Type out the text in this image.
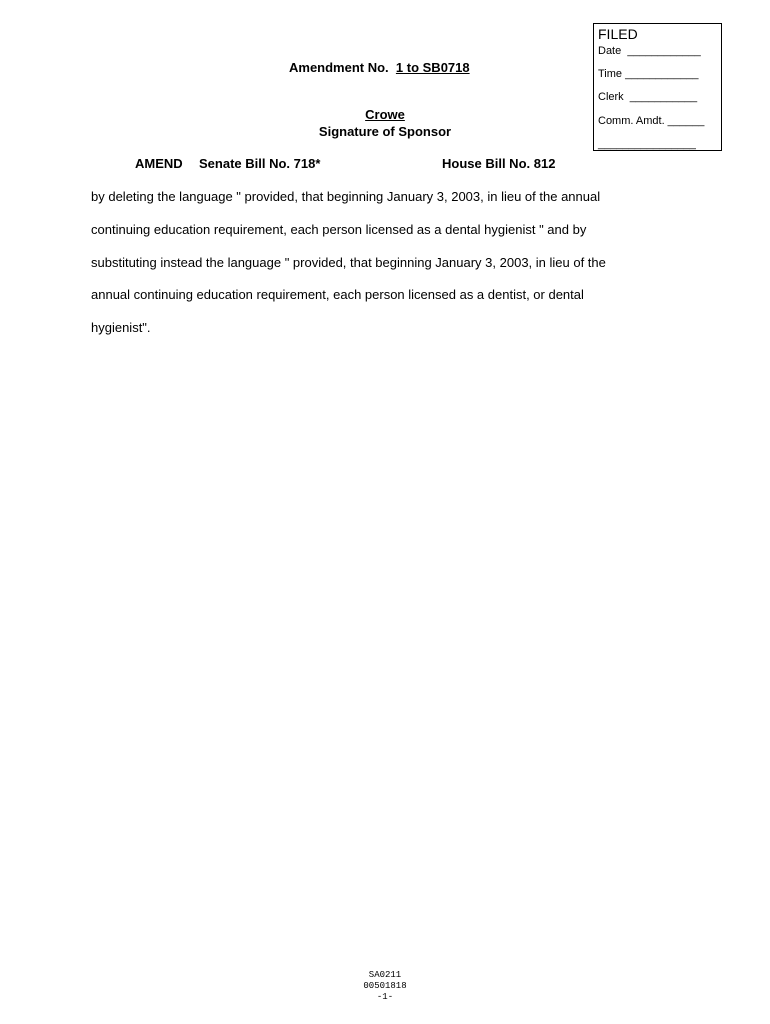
FILED
Date  ____________
Time ____________
Clerk  ___________
Comm. Amdt. ______
________________
Amendment No.  1 to SB0718
Crowe
Signature of Sponsor
AMEND Senate Bill No. 718*	House Bill No. 812
by deleting the language " provided, that beginning January 3, 2003, in lieu of the annual
continuing education requirement, each person licensed as a dental hygienist " and by
substituting instead the language " provided, that beginning January 3, 2003, in lieu of the
annual continuing education requirement, each person licensed as a dentist, or dental
hygienist".
SA0211
00501818
-1-
